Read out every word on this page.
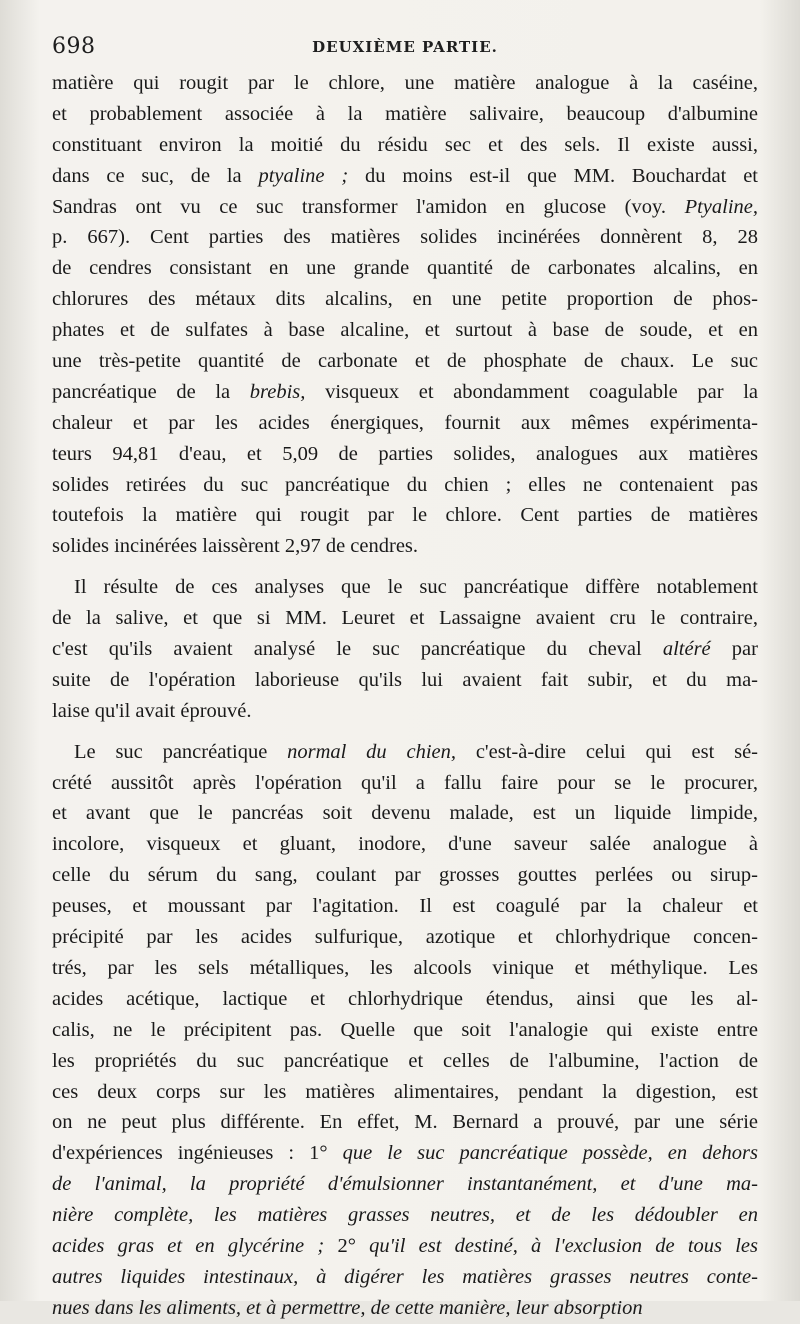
698	DEUXIÈME PARTIE.
matière qui rougit par le chlore, une matière analogue à la caséine,
et probablement associée à la matière salivaire, beaucoup d'albumine
constituant environ la moitié du résidu sec et des sels. Il existe aussi,
dans ce suc, de la ptyaline ; du moins est-il que MM. Bouchardat et
Sandras ont vu ce suc transformer l'amidon en glucose (voy. Ptyaline,
p. 667). Cent parties des matières solides incinérées donnèrent 8, 28
de cendres consistant en une grande quantité de carbonates alcalins, en
chlorures des métaux dits alcalins, en une petite proportion de phos-
phates et de sulfates à base alcaline, et surtout à base de soude, et en
une très-petite quantité de carbonate et de phosphate de chaux. Le suc
pancréatique de la brebis, visqueux et abondamment coagulable par la
chaleur et par les acides énergiques, fournit aux mêmes expérimenta-
teurs 94,81 d'eau, et 5,09 de parties solides, analogues aux matières
solides retirées du suc pancréatique du chien ; elles ne contenaient pas
toutefois la matière qui rougit par le chlore. Cent parties de matières
solides incinérées laissèrent 2,97 de cendres.
Il résulte de ces analyses que le suc pancréatique diffère notablement
de la salive, et que si MM. Leuret et Lassaigne avaient cru le contraire,
c'est qu'ils avaient analysé le suc pancréatique du cheval altéré par
suite de l'opération laborieuse qu'ils lui avaient fait subir, et du ma-
laise qu'il avait éprouvé.
Le suc pancréatique normal du chien, c'est-à-dire celui qui est sé-
crété aussitôt après l'opération qu'il a fallu faire pour se le procurer,
et avant que le pancréas soit devenu malade, est un liquide limpide,
incolore, visqueux et gluant, inodore, d'une saveur salée analogue à
celle du sérum du sang, coulant par grosses gouttes perlées ou sirup-
peuses, et moussant par l'agitation. Il est coagulé par la chaleur et
précipité par les acides sulfurique, azotique et chlorhydrique concen-
trés, par les sels métalliques, les alcools vinique et méthylique. Les
acides acétique, lactique et chlorhydrique étendus, ainsi que les al-
calis, ne le précipitent pas. Quelle que soit l'analogie qui existe entre
les propriétés du suc pancréatique et celles de l'albumine, l'action de
ces deux corps sur les matières alimentaires, pendant la digestion, est
on ne peut plus différente. En effet, M. Bernard a prouvé, par une série
d'expériences ingénieuses : 1° que le suc pancréatique possède, en dehors
de l'animal, la propriété d'émulsionner instantanément, et d'une ma-
nière complète, les matières grasses neutres, et de les dédoubler en
acides gras et en glycérine ; 2° qu'il est destiné, à l'exclusion de tous les
autres liquides intestinaux, à digérer les matières grasses neutres conte-
nues dans les aliments, et à permettre, de cette manière, leur absorption
